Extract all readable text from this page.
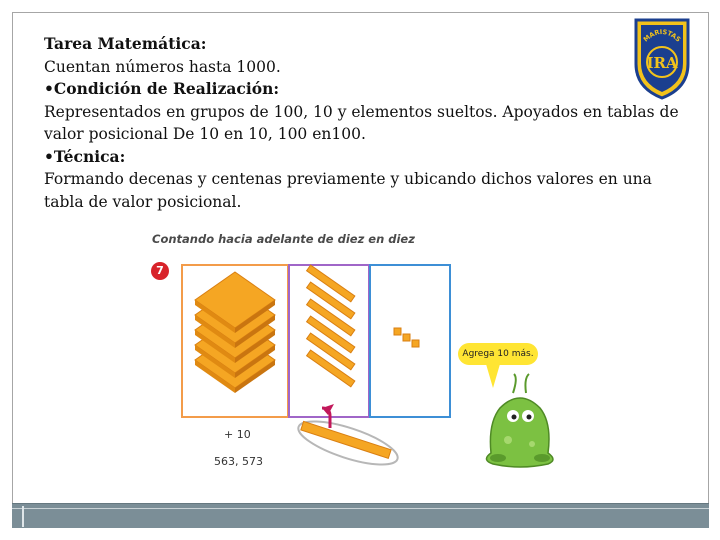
Tarea Matemática:

Cuentan números hasta 1000.

•Condición de Realización:

Representados en grupos de 100, 10 y elementos sueltos. Apoyados en tablas de

valor posicional De 10 en 10, 100 en100.

•Técnica:

Formando decenas y centenas previamente y ubicando dichos valores en una

tabla de valor posicional.

MARISTAS
IRA
Contando hacia adelante de diez en diez
7
Agrega 10 más.
+ 10
563, 573
